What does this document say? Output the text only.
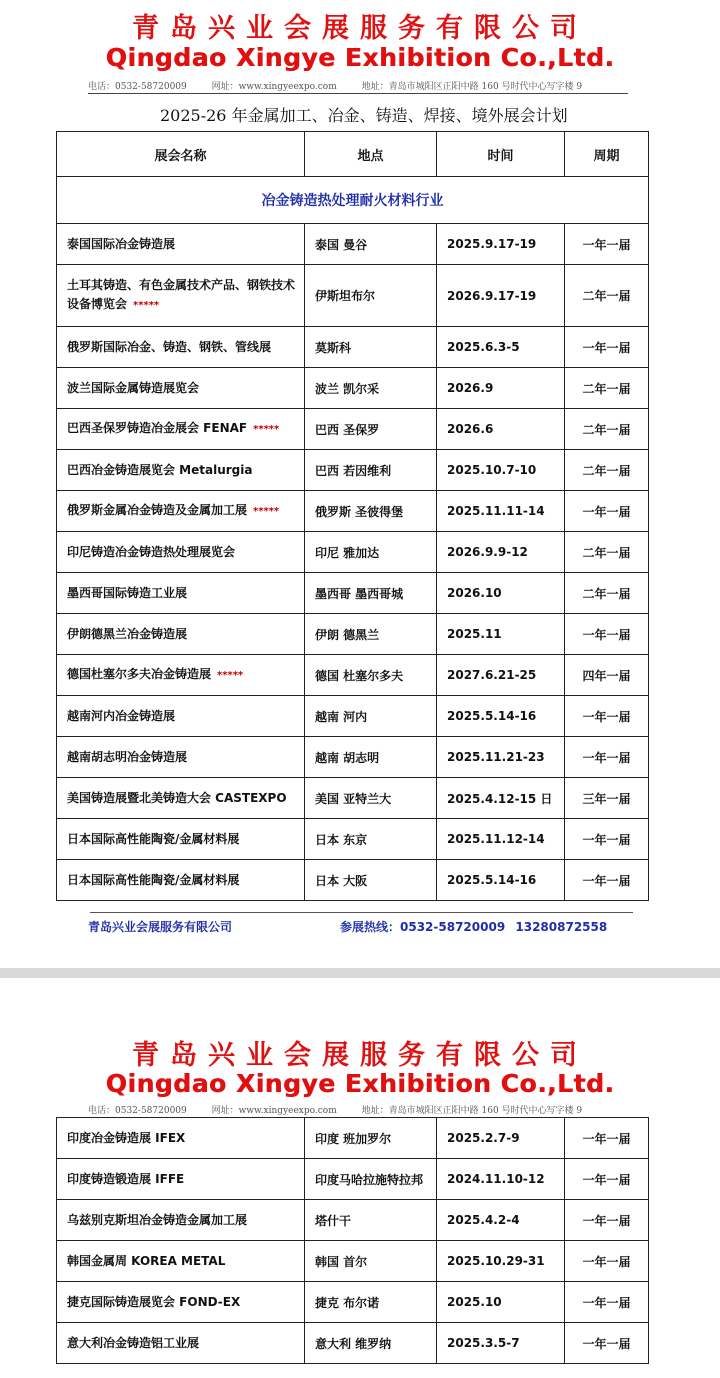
青岛兴业会展服务有限公司
Qingdao Xingye Exhibition Co.,Ltd.
电话：0532-58720009	网址：www.xingyeexpo.com	地址：青岛市城阳区正阳中路 160 号时代中心写字楼 9
2025-26 年金属加工、冶金、铸造、焊接、境外展会计划
展会名称	地点	时间	周期
冶金铸造热处理耐火材料行业			
泰国国际冶金铸造展	泰国 曼谷	2025.9.17-19	一年一届
土耳其铸造、有色金属技术产品、钢铁技术设备博览会 *****	伊斯坦布尔	2026.9.17-19	二年一届
俄罗斯国际冶金、铸造、钢铁、管线展	莫斯科	2025.6.3-5	一年一届
波兰国际金属铸造展览会	波兰 凯尔采	2026.9	二年一届
巴西圣保罗铸造冶金展会 FENAF *****	巴西 圣保罗	2026.6	二年一届
巴西冶金铸造展览会 Metalurgia	巴西 若因维利	2025.10.7-10	二年一届
俄罗斯金属冶金铸造及金属加工展 *****	俄罗斯 圣彼得堡	2025.11.11-14	一年一届
印尼铸造冶金铸造热处理展览会	印尼 雅加达	2026.9.9-12	二年一届
墨西哥国际铸造工业展	墨西哥 墨西哥城	2026.10	二年一届
伊朗德黑兰冶金铸造展	伊朗 德黑兰	2025.11	一年一届
德国杜塞尔多夫冶金铸造展 *****	德国 杜塞尔多夫	2027.6.21-25	四年一届
越南河内冶金铸造展	越南 河内	2025.5.14-16	一年一届
越南胡志明冶金铸造展	越南 胡志明	2025.11.21-23	一年一届
美国铸造展暨北美铸造大会 CASTEXPO	美国 亚特兰大	2025.4.12-15 日	三年一届
日本国际高性能陶瓷/金属材料展	日本 东京	2025.11.12-14	一年一届
日本国际高性能陶瓷/金属材料展	日本 大阪	2025.5.14-16	一年一届
青岛兴业会展服务有限公司	参展热线：0532-58720009 13280872558
青岛兴业会展服务有限公司
Qingdao Xingye Exhibition Co.,Ltd.
电话：0532-58720009	网址：www.xingyeexpo.com	地址：青岛市城阳区正阳中路 160 号时代中心写字楼 9
印度冶金铸造展 IFEX	印度 班加罗尔	2025.2.7-9	一年一届
印度铸造锻造展 IFFE	印度马哈拉施特拉邦	2024.11.10-12	一年一届
乌兹别克斯坦冶金铸造金属加工展	塔什干	2025.4.2-4	一年一届
韩国金属周 KOREA METAL	韩国 首尔	2025.10.29-31	一年一届
捷克国际铸造展览会 FOND-EX	捷克 布尔诺	2025.10	一年一届
意大利冶金铸造铝工业展	意大利 维罗纳	2025.3.5-7	一年一届
